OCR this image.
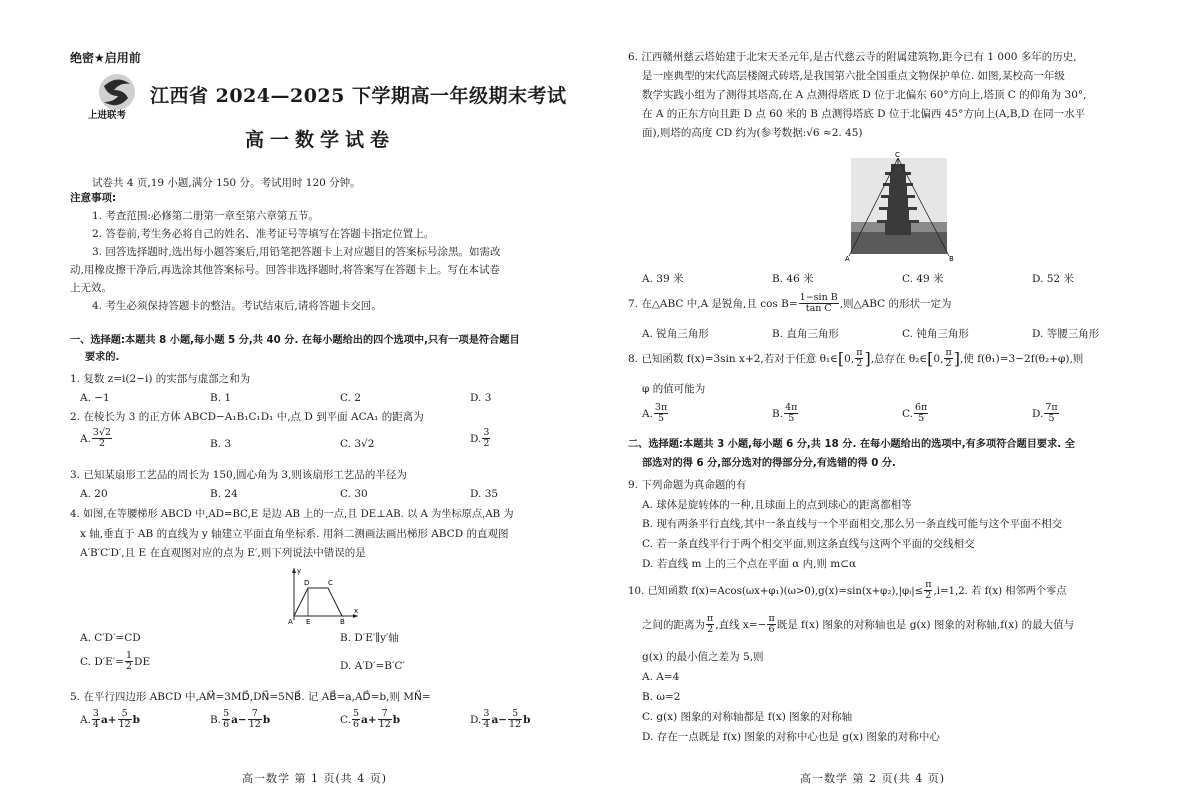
绝密★启用前
上进联考
江西省 2024—2025 下学期高一年级期末考试
高一数学试卷
试卷共 4 页,19 小题,满分 150 分。考试用时 120 分钟。
注意事项:
1. 考查范围:必修第二册第一章至第六章第五节。
2. 答卷前,考生务必将自己的姓名、准考证号等填写在答题卡指定位置上。
3. 回答选择题时,选出每小题答案后,用铅笔把答题卡上对应题目的答案标号涂黑。如需改
动,用橡皮擦干净后,再选涂其他答案标号。回答非选择题时,将答案写在答题卡上。写在本试卷
上无效。
4. 考生必须保持答题卡的整洁。考试结束后,请将答题卡交回。
一、选择题:本题共 8 小题,每小题 5 分,共 40 分. 在每小题给出的四个选项中,只有一项是符合题目
要求的.
1. 复数 z=i(2−i) 的实部与虚部之和为
A. −1	B. 1	C. 2	D. 3
2. 在棱长为 3 的正方体 ABCD−A₁B₁C₁D₁ 中,点 D 到平面 ACA₁ 的距离为
A. $\frac{3√2}{2}$	B. 3	C. 3√2	D. $\frac{3}{2}$
3. 已知某扇形工艺品的周长为 150,圆心角为 3,则该扇形工艺品的半径为
A. 20	B. 24	C. 30	D. 35
4. 如图,在等腰梯形 ABCD 中,AD=BC,E 是边 AB 上的一点,且 DE⊥AB. 以 A 为坐标原点,AB 为
x 轴,垂直于 AB 的直线为 y 轴建立平面直角坐标系. 用斜二测画法画出梯形 ABCD 的直观图
A′B′C′D′,且 E 在直观图对应的点为 E′,则下列说法中错误的是
y
x
D	C
A E	B
A. C′D′=CD	B. D′E′∥y′轴
C. $D'E'= \frac{1}{2}$ DE	D. A′D′=B′C′
5. 在平行四边形 ABCD 中,AM⃗=3MD⃗,DN⃗=5NB⃗. 记 AB⃗=a,AD⃗=b,则 MN⃗=
A. $\frac{3}{4} a+ \frac{5}{12}$ b	B. $\frac{5}{6} a- \frac{7}{12}$ b	C. $\frac{5}{6} a+ \frac{7}{12}$ b	D. $\frac{3}{4} a- \frac{5}{12}$ b
高一数学 第 1 页(共 4 页)
6. 江西赣州慈云塔始建于北宋天圣元年,是古代慈云寺的附属建筑物,距今已有 1 000 多年的历史,
是一座典型的宋代高层楼阁式砖塔,是我国第六批全国重点文物保护单位. 如图,某校高一年级
数学实践小组为了测得其塔高,在 A 点测得塔底 D 位于北偏东 60°方向上,塔顶 C 的仰角为 30°,
在 A 的正东方向且距 D 点 60 米的 B 点测得塔底 D 位于北偏西 45°方向上(A,B,D 在同一水平
面),则塔的高度 CD 约为(参考数据:√6 ≈2. 45)
C
A	B
A. 39 米	B. 46 米	C. 49 米	D. 52 米
7. 在△ABC 中,A 是锐角,且 $\cos B= \frac{\text{1−sin B}}{\text{tan C}}$ ,则△ABC 的形状一定为
A. 锐角三角形	B. 直角三角形	C. 钝角三角形	D. 等腰三角形
8. 已知函数 f(x)=3sin x+2,若对于任意 θ₁∈[0, $\frac{\pi}{2}$ ],总存在 θ₂∈[0, $\frac{\pi}{2}$ ],使 f(θ₁)=3−2f(θ₂+φ),则
φ 的值可能为
A. $\frac{3\pi}{5}$	B. $\frac{4\pi}{5}$	C. $\frac{6\pi}{5}$	D. $\frac{7\pi}{5}$
二、选择题:本题共 3 小题,每小题 6 分,共 18 分. 在每小题给出的选项中,有多项符合题目要求. 全
部选对的得 6 分,部分选对的得部分分,有选错的得 0 分.
9. 下列命题为真命题的有
A. 球体是旋转体的一种,且球面上的点到球心的距离都相等
B. 现有两条平行直线,其中一条直线与一个平面相交,那么另一条直线可能与这个平面不相交
C. 若一条直线平行于两个相交平面,则这条直线与这两个平面的交线相交
D. 若直线 m 上的三个点在平面 α 内,则 m⊂α
10. 已知函数 f(x)=Acos(ωx+φ₁)(ω>0),g(x)=sin(x+φ₂),|φᵢ|≤ $\frac{\pi}{2} ,i=1,2$. 若 f(x) 相邻两个零点
之间的距离为 $\frac{\pi}{2}$ ,直线 $x=- \frac{\pi}{6}$ 既是 f(x) 图象的对称轴也是 g(x) 图象的对称轴,f(x) 的最大值与
g(x) 的最小值之差为 5,则
A. A=4
B. ω=2
C. g(x) 图象的对称轴都是 f(x) 图象的对称轴
D. 存在一点既是 f(x) 图象的对称中心也是 g(x) 图象的对称中心
高一数学 第 2 页(共 4 页)
